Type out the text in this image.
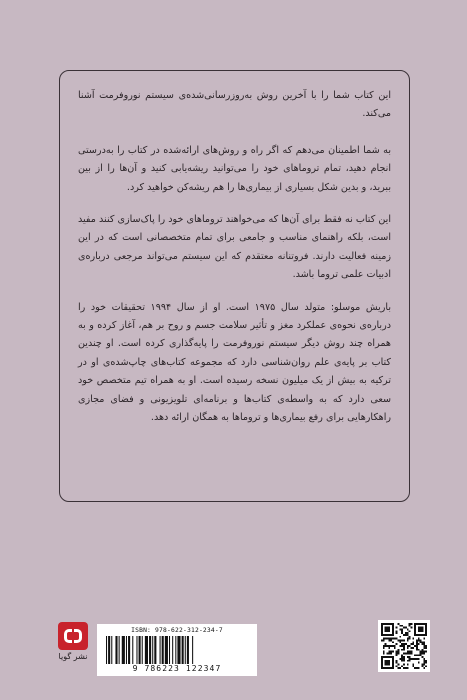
این کتاب شما را با آخرین روش به‌روزرسانی‌شده‌ی سیستم نوروفرمت آشنا می‌کند.

به شما اطمینان می‌دهم که اگر راه و روش‌های ارائه‌شده در کتاب را به‌درستی انجام دهید، تمام تروماهای خود را می‌توانید ریشه‌یابی کنید و آن‌ها را از بین ببرید، و بدین شکل بسیاری از بیماری‌ها را هم ریشه‌کن خواهید کرد.

این کتاب نه فقط برای آن‌ها که می‌خواهند تروماهای خود را پاک‌سازی کنند مفید است، بلکه راهنمای مناسب و جامعی برای تمام متخصصانی است که در این زمینه فعالیت دارند. فروتنانه معتقدم که این سیستم می‌تواند مرجعی درباره‌ی ادبیات علمی تروما باشد.

باریش موسلو: متولد سال ۱۹۷۵ است. او از سال ۱۹۹۴ تحقیقات خود را درباره‌ی نحوه‌ی عملکرد مغز و تأثیر سلامت جسم و روح بر هم، آغاز کرده و به همراه چند روش دیگر سیستم نوروفرمت را پایه‌گذاری کرده است. او چندین کتاب بر پایه‌ی علم روان‌شناسی دارد که مجموعه کتاب‌های چاپ‌شده‌ی او در ترکیه به بیش از یک میلیون نسخه رسیده است. او به همراه تیم متخصص خود سعی دارد که به واسطه‌ی کتاب‌ها و برنامه‌ای تلویزیونی و فضای مجازی راهکارهایی برای رفع بیماری‌ها و تروماها به همگان ارائه دهد.

نشر گویا
ISBN: 978-622-312-234-7
9 786223 122347
